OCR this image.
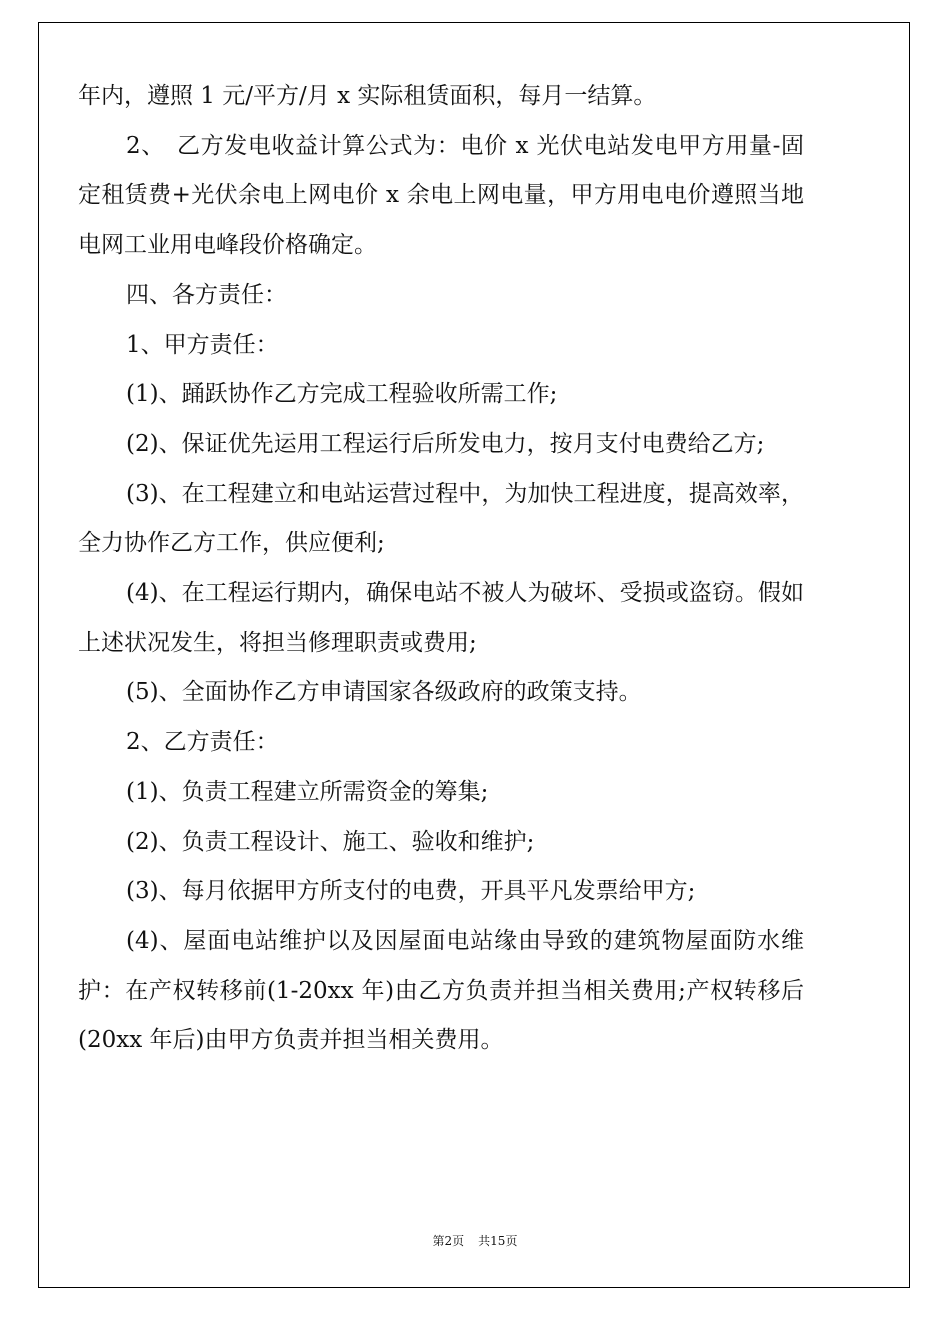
年内，遵照 1 元/平方/月 x 实际租赁面积，每月一结算。

2、　乙方发电收益计算公式为：电价 x 光伏电站发电甲方用量-固定租赁费+光伏余电上网电价 x 余电上网电量，甲方用电电价遵照当地电网工业用电峰段价格确定。

四、各方责任：

1、甲方责任：

(1)、踊跃协作乙方完成工程验收所需工作;

(2)、保证优先运用工程运行后所发电力，按月支付电费给乙方;

(3)、在工程建立和电站运营过程中，为加快工程进度，提高效率，全力协作乙方工作，供应便利;

(4)、在工程运行期内，确保电站不被人为破坏、受损或盗窃。假如上述状况发生，将担当修理职责或费用;

(5)、全面协作乙方申请国家各级政府的政策支持。

2、乙方责任：

(1)、负责工程建立所需资金的筹集;

(2)、负责工程设计、施工、验收和维护;

(3)、每月依据甲方所支付的电费，开具平凡发票给甲方;

(4)、屋面电站维护以及因屋面电站缘由导致的建筑物屋面防水维护：在产权转移前(1-20xx 年)由乙方负责并担当相关费用;产权转移后(20xx 年后)由甲方负责并担当相关费用。

第2页 共15页
